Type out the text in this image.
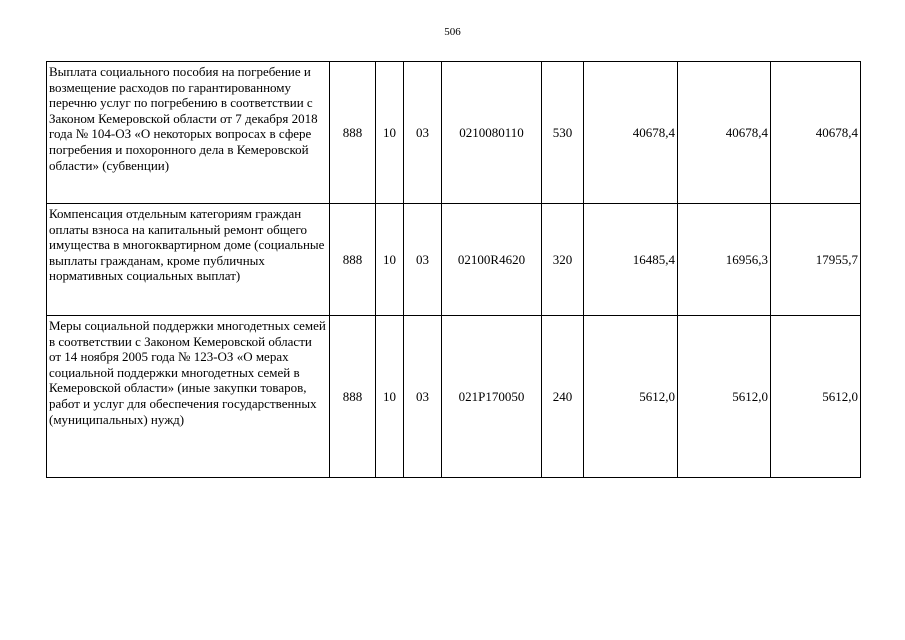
506
Выплата социального пособия на погребение и возмещение расходов по гарантированному перечню услуг по погребению в соответствии с Законом Кемеровской области от 7 декабря 2018 года № 104-ОЗ «О некоторых вопросах в сфере погребения и похоронного дела в Кемеровской области» (субвенции)	888	10	03	0210080110	530	40678,4	40678,4	40678,4
Компенсация отдельным категориям граждан оплаты взноса на капитальный ремонт общего имущества в многоквартирном доме (социальные выплаты гражданам, кроме публичных нормативных социальных выплат)	888	10	03	02100R4620	320	16485,4	16956,3	17955,7
Меры социальной поддержки многодетных семей в соответствии с Законом Кемеровской области от 14 ноября 2005 года № 123-ОЗ «О мерах социальной поддержки многодетных семей в Кемеровской области» (иные закупки товаров, работ и услуг для обеспечения государственных (муниципальных) нужд)	888	10	03	021P170050	240	5612,0	5612,0	5612,0
